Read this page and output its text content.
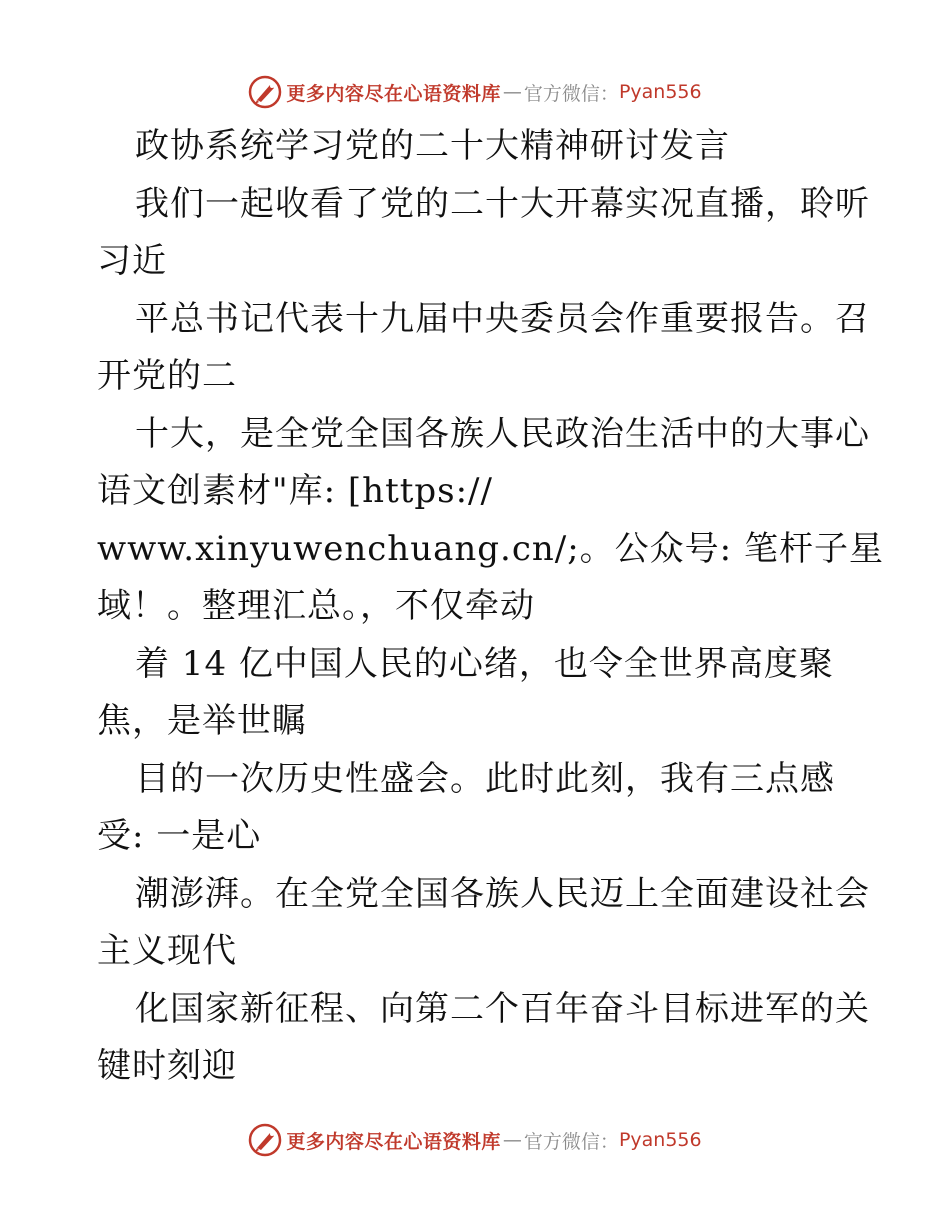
更多内容尽在心语资料库 — 官方微信： Pyan556
政协系统学习党的二十大精神研讨发言
我们一起收看了党的二十大开幕实况直播，聆听
习近
平总书记代表十九届中央委员会作重要报告。召
开党的二
十大，是全党全国各族人民政治生活中的大事心
语文创素材"库: [https://
www.xinyuwenchuang.cn/;。公众号: 笔杆子星
域！。整理汇总。，不仅牵动
着 14 亿中国人民的心绪，也令全世界高度聚
焦，是举世瞩
目的一次历史性盛会。此时此刻，我有三点感
受: 一是心
潮澎湃。在全党全国各族人民迈上全面建设社会
主义现代
化国家新征程、向第二个百年奋斗目标进军的关
键时刻迎
更多内容尽在心语资料库 — 官方微信： Pyan556
